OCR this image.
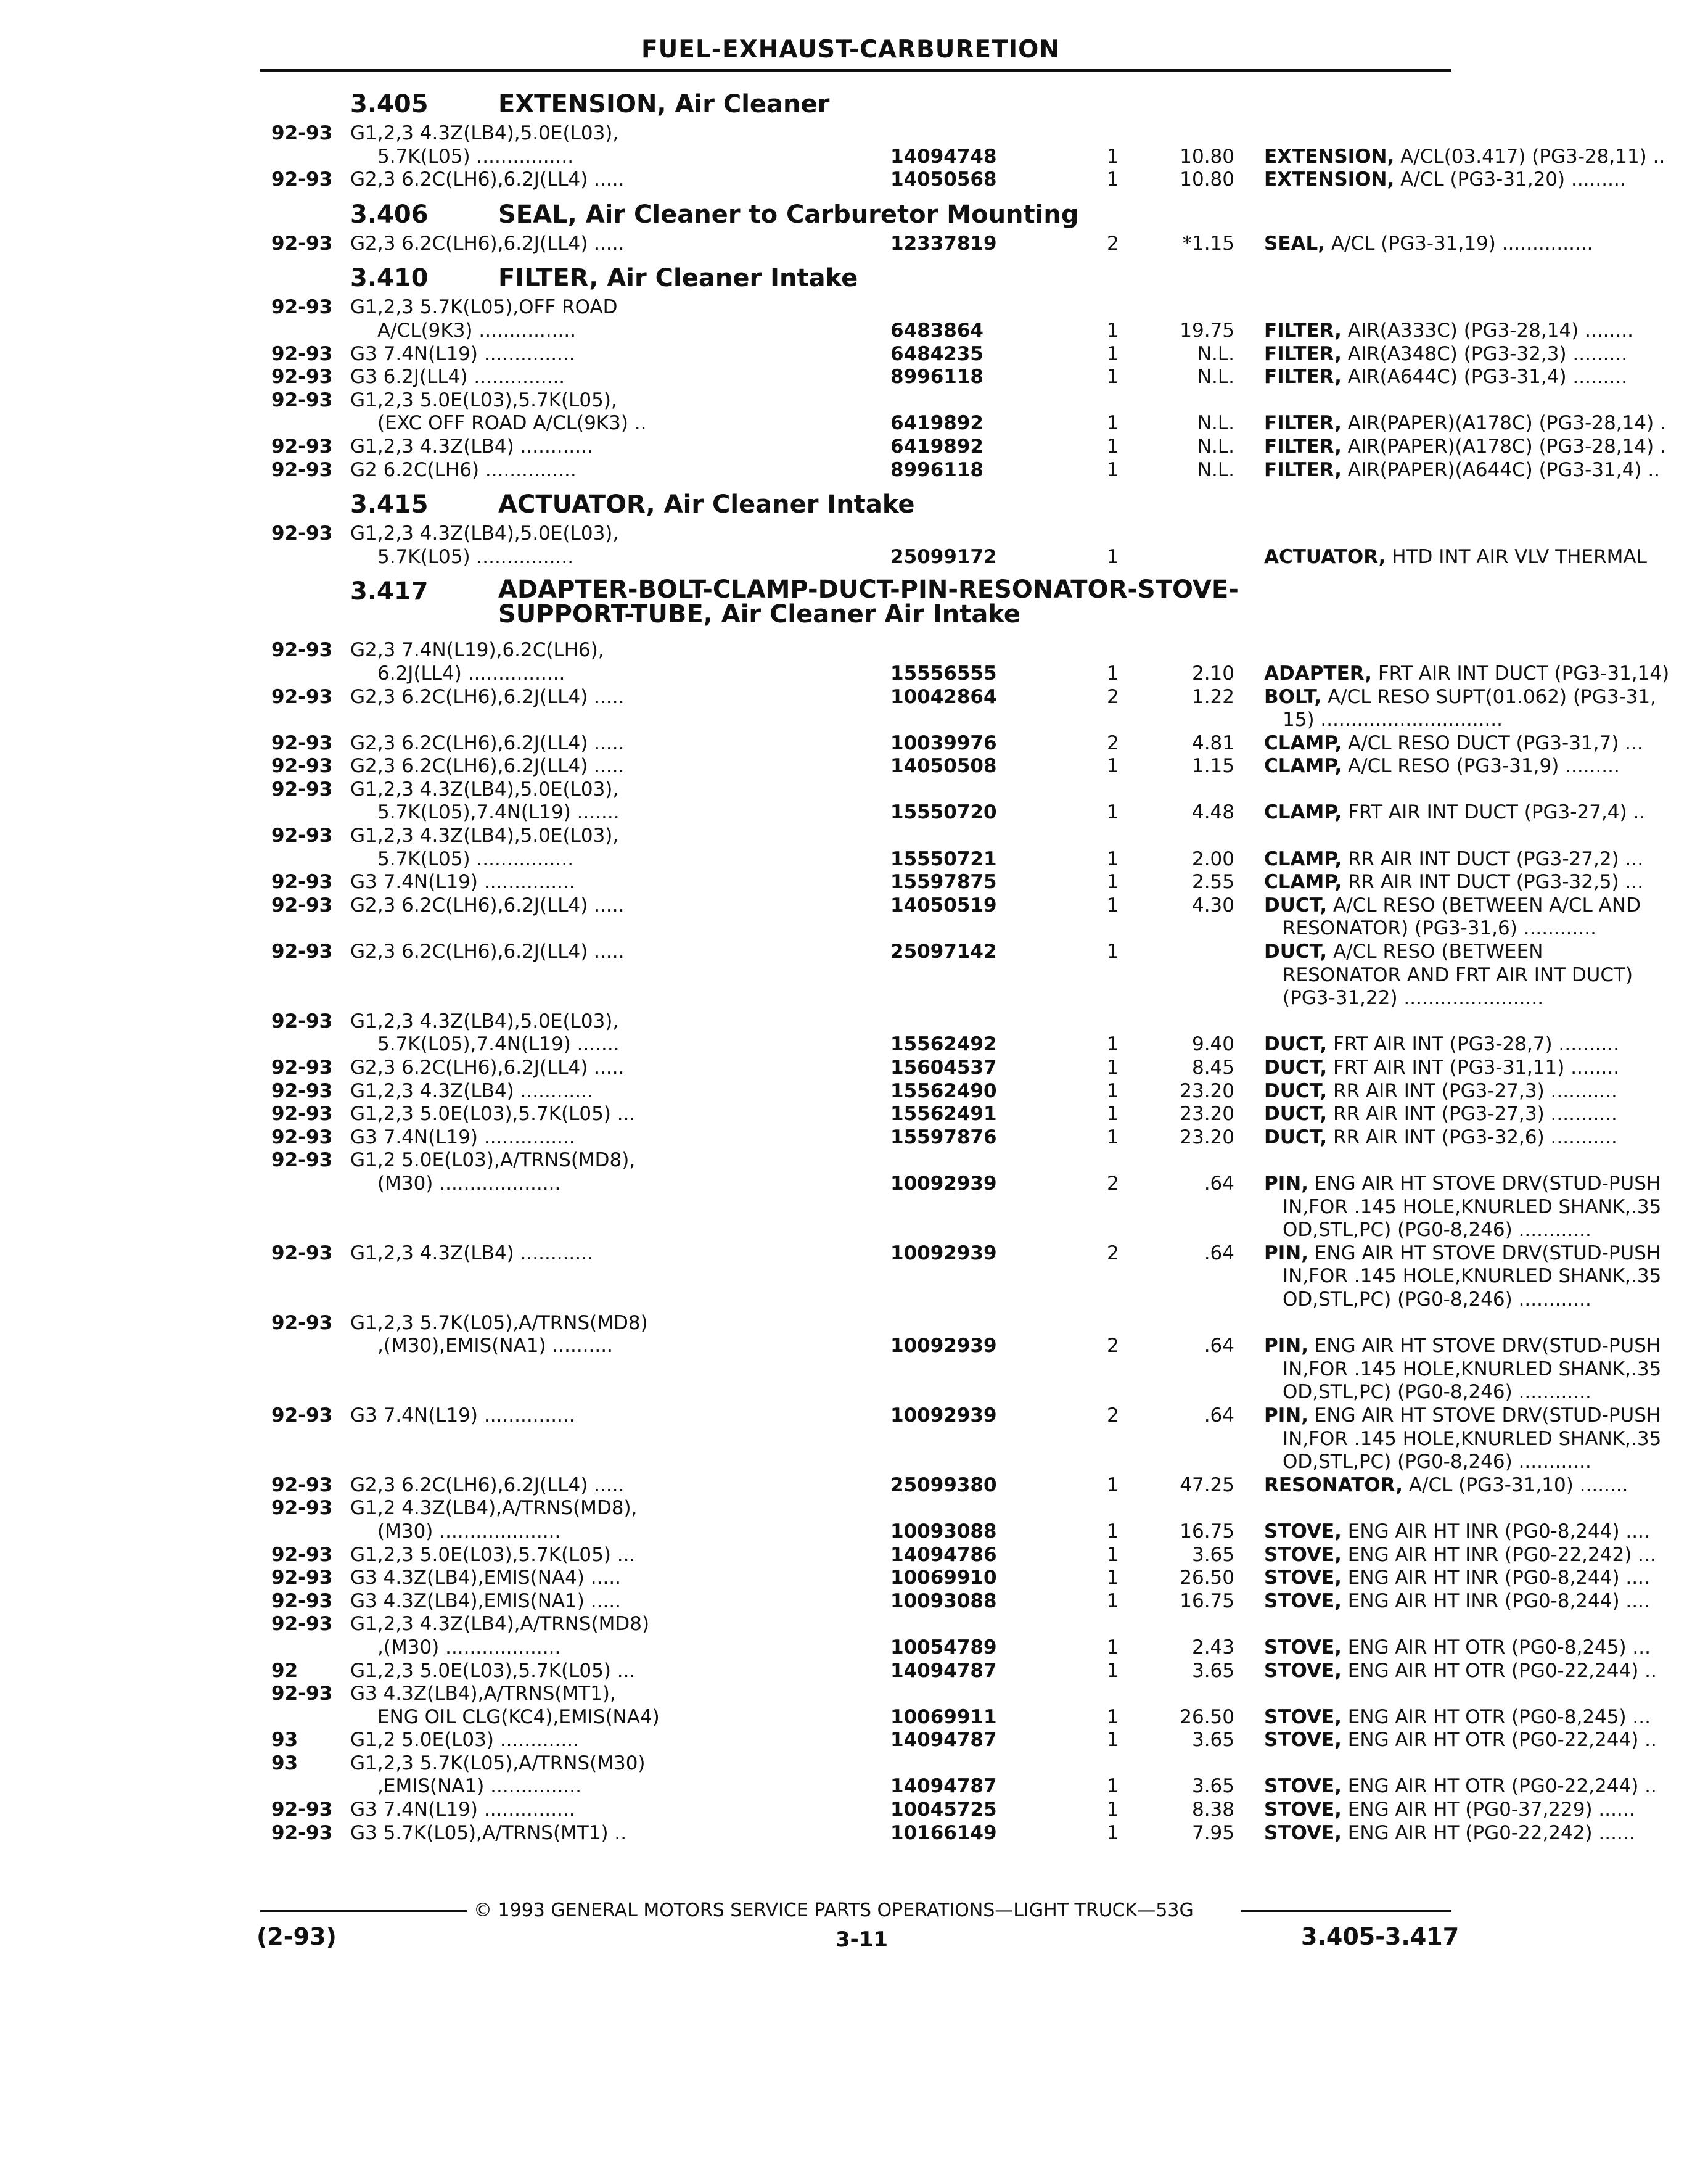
FUEL-EXHAUST-CARBURETION
3.405	EXTENSION, Air Cleaner
92-93 G1,2,3 4.3Z(LB4),5.0E(L03),
5.7K(L05) ................	14094748	1	10.80 EXTENSION, A/CL(03.417) (PG3-28,11) ..
92-93 G2,3 6.2C(LH6),6.2J(LL4) .....	14050568	1	10.80 EXTENSION, A/CL (PG3-31,20) .........
3.406	SEAL, Air Cleaner to Carburetor Mounting
92-93 G2,3 6.2C(LH6),6.2J(LL4) .....	12337819	2	*1.15 SEAL, A/CL (PG3-31,19) ...............
3.410	FILTER, Air Cleaner Intake
92-93 G1,2,3 5.7K(L05),OFF ROAD
A/CL(9K3) ................	6483864	1	19.75 FILTER, AIR(A333C) (PG3-28,14) ........
92-93 G3 7.4N(L19) ...............	6484235	1	N.L. FILTER, AIR(A348C) (PG3-32,3) .........
92-93 G3 6.2J(LL4) ...............	8996118	1	N.L. FILTER, AIR(A644C) (PG3-31,4) .........
92-93 G1,2,3 5.0E(L03),5.7K(L05),
(EXC OFF ROAD A/CL(9K3) ..	6419892	1	N.L. FILTER, AIR(PAPER)(A178C) (PG3-28,14) .
92-93 G1,2,3 4.3Z(LB4) ............	6419892	1	N.L. FILTER, AIR(PAPER)(A178C) (PG3-28,14) .
92-93 G2 6.2C(LH6) ...............	8996118	1	N.L. FILTER, AIR(PAPER)(A644C) (PG3-31,4) ..
3.415	ACTUATOR, Air Cleaner Intake
92-93 G1,2,3 4.3Z(LB4),5.0E(L03),
5.7K(L05) ................	25099172	1	ACTUATOR, HTD INT AIR VLV THERMAL
3.417	ADAPTER-BOLT-CLAMP-DUCT-PIN-RESONATOR-STOVE-
SUPPORT-TUBE, Air Cleaner Air Intake
92-93 G2,3 7.4N(L19),6.2C(LH6),
6.2J(LL4) ................	15556555	1	2.10 ADAPTER, FRT AIR INT DUCT (PG3-31,14)
92-93 G2,3 6.2C(LH6),6.2J(LL4) .....	10042864	2	1.22 BOLT, A/CL RESO SUPT(01.062) (PG3-31,
15) ..............................
92-93 G2,3 6.2C(LH6),6.2J(LL4) .....	10039976	2	4.81 CLAMP, A/CL RESO DUCT (PG3-31,7) ...
92-93 G2,3 6.2C(LH6),6.2J(LL4) .....	14050508	1	1.15 CLAMP, A/CL RESO (PG3-31,9) .........
92-93 G1,2,3 4.3Z(LB4),5.0E(L03),
5.7K(L05),7.4N(L19) .......	15550720	1	4.48 CLAMP, FRT AIR INT DUCT (PG3-27,4) ..
92-93 G1,2,3 4.3Z(LB4),5.0E(L03),
5.7K(L05) ................	15550721	1	2.00 CLAMP, RR AIR INT DUCT (PG3-27,2) ...
92-93 G3 7.4N(L19) ...............	15597875	1	2.55 CLAMP, RR AIR INT DUCT (PG3-32,5) ...
92-93 G2,3 6.2C(LH6),6.2J(LL4) .....	14050519	1	4.30 DUCT, A/CL RESO (BETWEEN A/CL AND
RESONATOR) (PG3-31,6) ............
92-93 G2,3 6.2C(LH6),6.2J(LL4) .....	25097142	1	DUCT, A/CL RESO (BETWEEN
RESONATOR AND FRT AIR INT DUCT)
(PG3-31,22) .......................
92-93 G1,2,3 4.3Z(LB4),5.0E(L03),
5.7K(L05),7.4N(L19) .......	15562492	1	9.40 DUCT, FRT AIR INT (PG3-28,7) ..........
92-93 G2,3 6.2C(LH6),6.2J(LL4) .....	15604537	1	8.45 DUCT, FRT AIR INT (PG3-31,11) ........
92-93 G1,2,3 4.3Z(LB4) ............	15562490	1	23.20 DUCT, RR AIR INT (PG3-27,3) ...........
92-93 G1,2,3 5.0E(L03),5.7K(L05) ...	15562491	1	23.20 DUCT, RR AIR INT (PG3-27,3) ...........
92-93 G3 7.4N(L19) ...............	15597876	1	23.20 DUCT, RR AIR INT (PG3-32,6) ...........
92-93 G1,2 5.0E(L03),A/TRNS(MD8),
(M30) ....................	10092939	2	.64 PIN, ENG AIR HT STOVE DRV(STUD-PUSH
IN,FOR .145 HOLE,KNURLED SHANK,.35
OD,STL,PC) (PG0-8,246) ............
92-93 G1,2,3 4.3Z(LB4) ............	10092939	2	.64 PIN, ENG AIR HT STOVE DRV(STUD-PUSH
IN,FOR .145 HOLE,KNURLED SHANK,.35
OD,STL,PC) (PG0-8,246) ............
92-93 G1,2,3 5.7K(L05),A/TRNS(MD8)
,(M30),EMIS(NA1) ..........	10092939	2	.64 PIN, ENG AIR HT STOVE DRV(STUD-PUSH
IN,FOR .145 HOLE,KNURLED SHANK,.35
OD,STL,PC) (PG0-8,246) ............
92-93 G3 7.4N(L19) ...............	10092939	2	.64 PIN, ENG AIR HT STOVE DRV(STUD-PUSH
IN,FOR .145 HOLE,KNURLED SHANK,.35
OD,STL,PC) (PG0-8,246) ............
92-93 G2,3 6.2C(LH6),6.2J(LL4) .....	25099380	1	47.25 RESONATOR, A/CL (PG3-31,10) ........
92-93 G1,2 4.3Z(LB4),A/TRNS(MD8),
(M30) ....................	10093088	1	16.75 STOVE, ENG AIR HT INR (PG0-8,244) ....
92-93 G1,2,3 5.0E(L03),5.7K(L05) ...	14094786	1	3.65 STOVE, ENG AIR HT INR (PG0-22,242) ...
92-93 G3 4.3Z(LB4),EMIS(NA4) .....	10069910	1	26.50 STOVE, ENG AIR HT INR (PG0-8,244) ....
92-93 G3 4.3Z(LB4),EMIS(NA1) .....	10093088	1	16.75 STOVE, ENG AIR HT INR (PG0-8,244) ....
92-93 G1,2,3 4.3Z(LB4),A/TRNS(MD8)
,(M30) ...................	10054789	1	2.43 STOVE, ENG AIR HT OTR (PG0-8,245) ...
92	G1,2,3 5.0E(L03),5.7K(L05) ...	14094787	1	3.65 STOVE, ENG AIR HT OTR (PG0-22,244) ..
92-93 G3 4.3Z(LB4),A/TRNS(MT1),
ENG OIL CLG(KC4),EMIS(NA4)	10069911	1	26.50 STOVE, ENG AIR HT OTR (PG0-8,245) ...
93	G1,2 5.0E(L03) .............	14094787	1	3.65 STOVE, ENG AIR HT OTR (PG0-22,244) ..
93	G1,2,3 5.7K(L05),A/TRNS(M30)
,EMIS(NA1) ...............	14094787	1	3.65 STOVE, ENG AIR HT OTR (PG0-22,244) ..
92-93 G3 7.4N(L19) ...............	10045725	1	8.38 STOVE, ENG AIR HT (PG0-37,229) ......
92-93 G3 5.7K(L05),A/TRNS(MT1) ..	10166149	1	7.95 STOVE, ENG AIR HT (PG0-22,242) ......
© 1993 GENERAL MOTORS SERVICE PARTS OPERATIONS—LIGHT TRUCK—53G
(2-93)	3-11	3.405-3.417
